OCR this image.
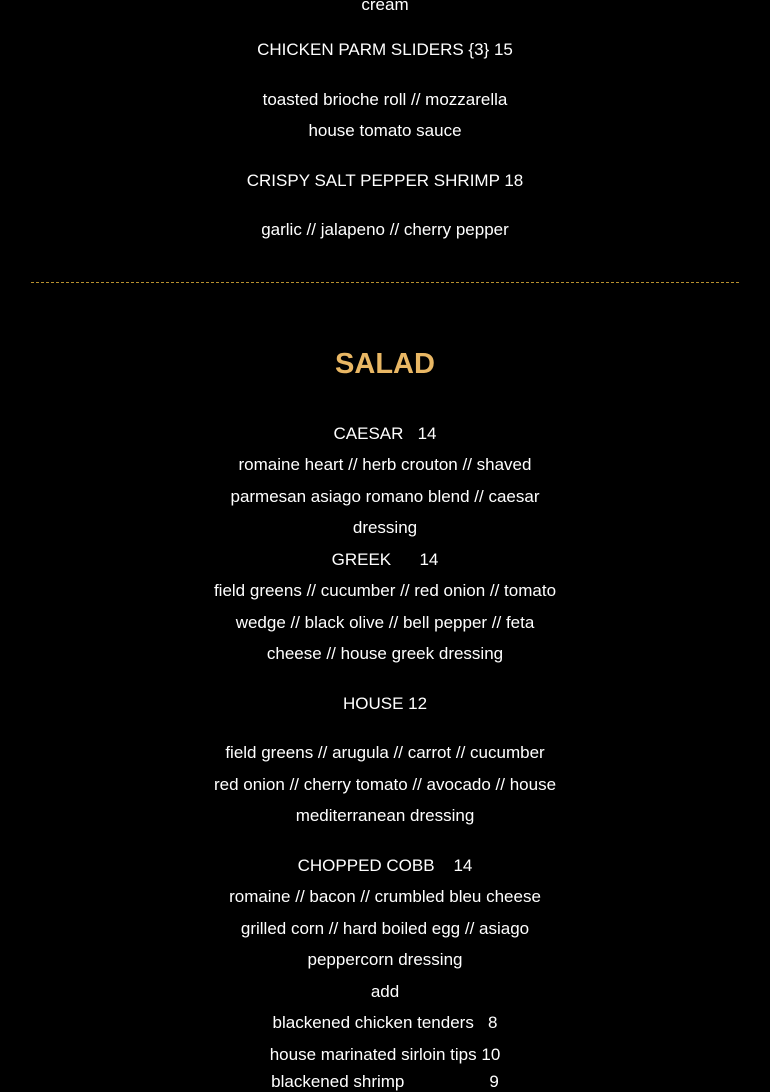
cream

CHICKEN PARM SLIDERS {3} 15

toasted brioche roll // mozzarella

house tomato sauce

CRISPY SALT PEPPER SHRIMP 18

garlic // jalapeno // cherry pepper

SALAD

CAESAR   14

romaine heart // herb crouton // shaved

parmesan asiago romano blend // caesar

dressing

GREEK      14

field greens // cucumber // red onion // tomato

wedge // black olive // bell pepper // feta

cheese // house greek dressing

HOUSE 12

field greens // arugula // carrot // cucumber

red onion // cherry tomato // avocado // house

mediterranean dressing

CHOPPED COBB    14

romaine // bacon // crumbled bleu cheese

grilled corn // hard boiled egg // asiago

peppercorn dressing

add

blackened chicken tenders   8

house marinated sirloin tips 10

blackened shrimp                  9
